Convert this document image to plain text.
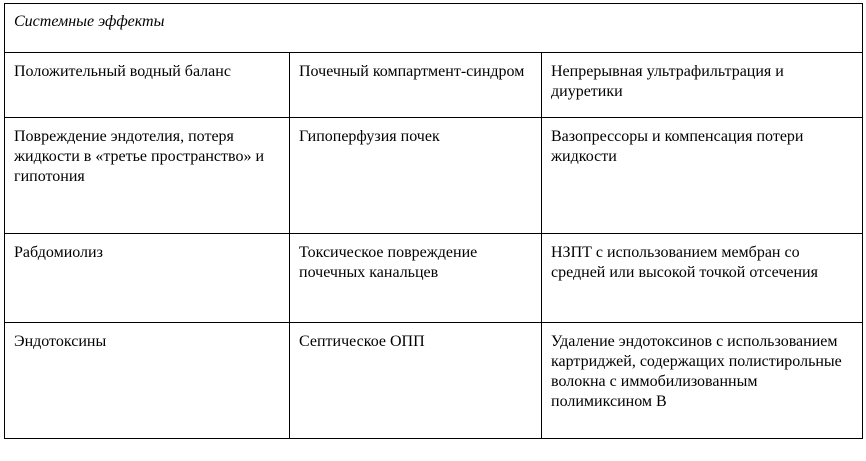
Системные эффекты		
Положительный водный баланс	Почечный компартмент-синдром	Непрерывная ультрафильтрация и диуретики
Повреждение эндотелия, потеря жидкости в «третье пространство» и гипотония	Гипоперфузия почек	Вазопрессоры и компенсация потери жидкости
Рабдомиолиз	Токсическое повреждение почечных канальцев	НЗПТ с использованием мембран со средней или высокой точкой отсечения
Эндотоксины	Септическое ОПП	Удаление эндотоксинов с использованием картриджей, содержащих полистирольные волокна с иммобилизованным полимиксином B
